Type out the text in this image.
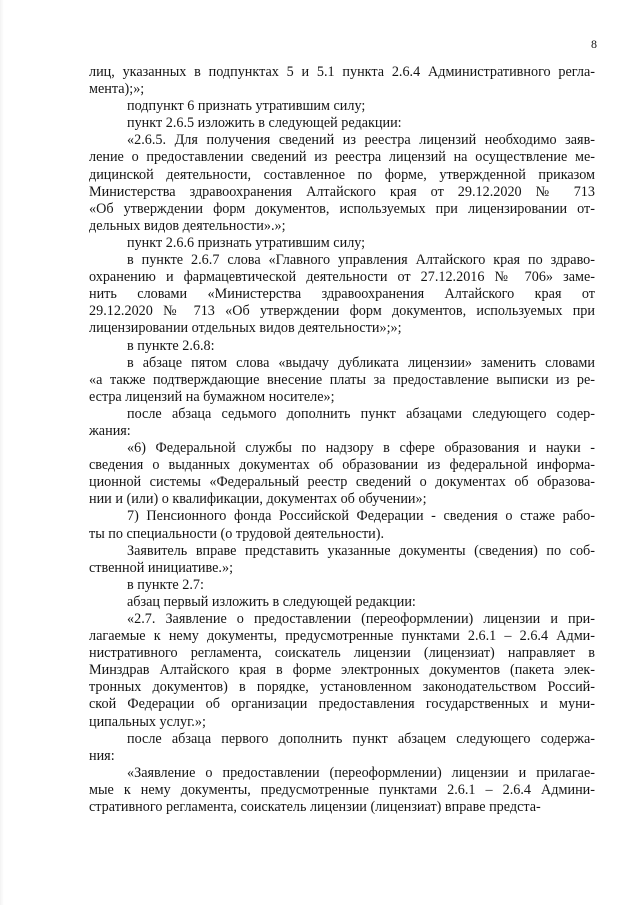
8

лиц, указанных в подпунктах 5 и 5.1 пункта 2.6.4 Административного регла-
мента);»;

подпункт 6 признать утратившим силу;

пункт 2.6.5 изложить в следующей редакции:

«2.6.5. Для получения сведений из реестра лицензий необходимо заяв-
ление о предоставлении сведений из реестра лицензий на осуществление ме-
дицинской деятельности, составленное по форме, утвержденной приказом
Министерства здравоохранения Алтайского края от 29.12.2020 № 713
«Об утверждении форм документов, используемых при лицензировании от-
дельных видов деятельности».»;

пункт 2.6.6 признать утратившим силу;

в пункте 2.6.7 слова «Главного управления Алтайского края по здраво-
охранению и фармацевтической деятельности от 27.12.2016 № 706» заме-
нить словами «Министерства здравоохранения Алтайского края от
29.12.2020 № 713 «Об утверждении форм документов, используемых при
лицензировании отдельных видов деятельности»;»;

в пункте 2.6.8:

в абзаце пятом слова «выдачу дубликата лицензии» заменить словами
«а также подтверждающие внесение платы за предоставление выписки из ре-
естра лицензий на бумажном носителе»;

после абзаца седьмого дополнить пункт абзацами следующего содер-
жания:

«6) Федеральной службы по надзору в сфере образования и науки -
сведения о выданных документах об образовании из федеральной информа-
ционной системы «Федеральный реестр сведений о документах об образова-
нии и (или) о квалификации, документах об обучении»;

7) Пенсионного фонда Российской Федерации - сведения о стаже рабо-
ты по специальности (о трудовой деятельности).

Заявитель вправе представить указанные документы (сведения) по соб-
ственной инициативе.»;

в пункте 2.7:

абзац первый изложить в следующей редакции:

«2.7. Заявление о предоставлении (переоформлении) лицензии и при-
лагаемые к нему документы, предусмотренные пунктами 2.6.1 – 2.6.4 Адми-
нистративного регламента, соискатель лицензии (лицензиат) направляет в
Минздрав Алтайского края в форме электронных документов (пакета элек-
тронных документов) в порядке, установленном законодательством Россий-
ской Федерации об организации предоставления государственных и муни-
ципальных услуг.»;

после абзаца первого дополнить пункт абзацем следующего содержа-
ния:

«Заявление о предоставлении (переоформлении) лицензии и прилагае-
мые к нему документы, предусмотренные пунктами 2.6.1 – 2.6.4 Админи-
стративного регламента, соискатель лицензии (лицензиат) вправе предста-
